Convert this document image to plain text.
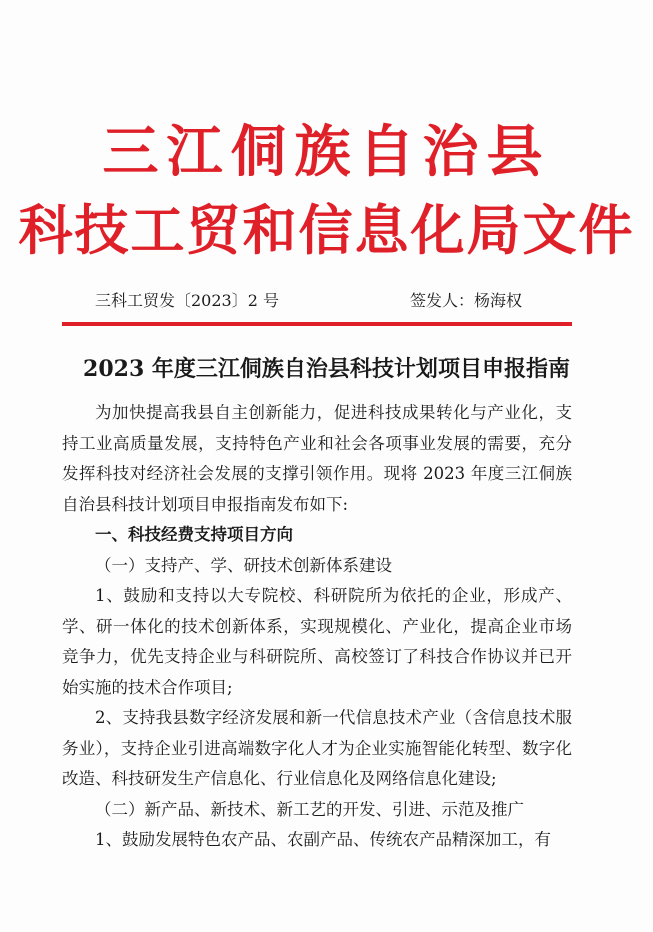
三江侗族自治县
科技工贸和信息化局文件
三科工贸发〔2023〕2 号	签发人：杨海权
2023 年度三江侗族自治县科技计划项目申报指南

为加快提高我县自主创新能力，促进科技成果转化与产业化，支持工业高质量发展，支持特色产业和社会各项事业发展的需要，充分发挥科技对经济社会发展的支撑引领作用。现将 2023 年度三江侗族自治县科技计划项目申报指南发布如下:

一、科技经费支持项目方向

（一）支持产、学、研技术创新体系建设

1、鼓励和支持以大专院校、科研院所为依托的企业，形成产、学、研一体化的技术创新体系，实现规模化、产业化，提高企业市场竞争力，优先支持企业与科研院所、高校签订了科技合作协议并已开始实施的技术合作项目;

2、支持我县数字经济发展和新一代信息技术产业（含信息技术服务业），支持企业引进高端数字化人才为企业实施智能化转型、数字化改造、科技研发生产信息化、行业信息化及网络信息化建设;

（二）新产品、新技术、新工艺的开发、引进、示范及推广

1、鼓励发展特色农产品、农副产品、传统农产品精深加工，有
